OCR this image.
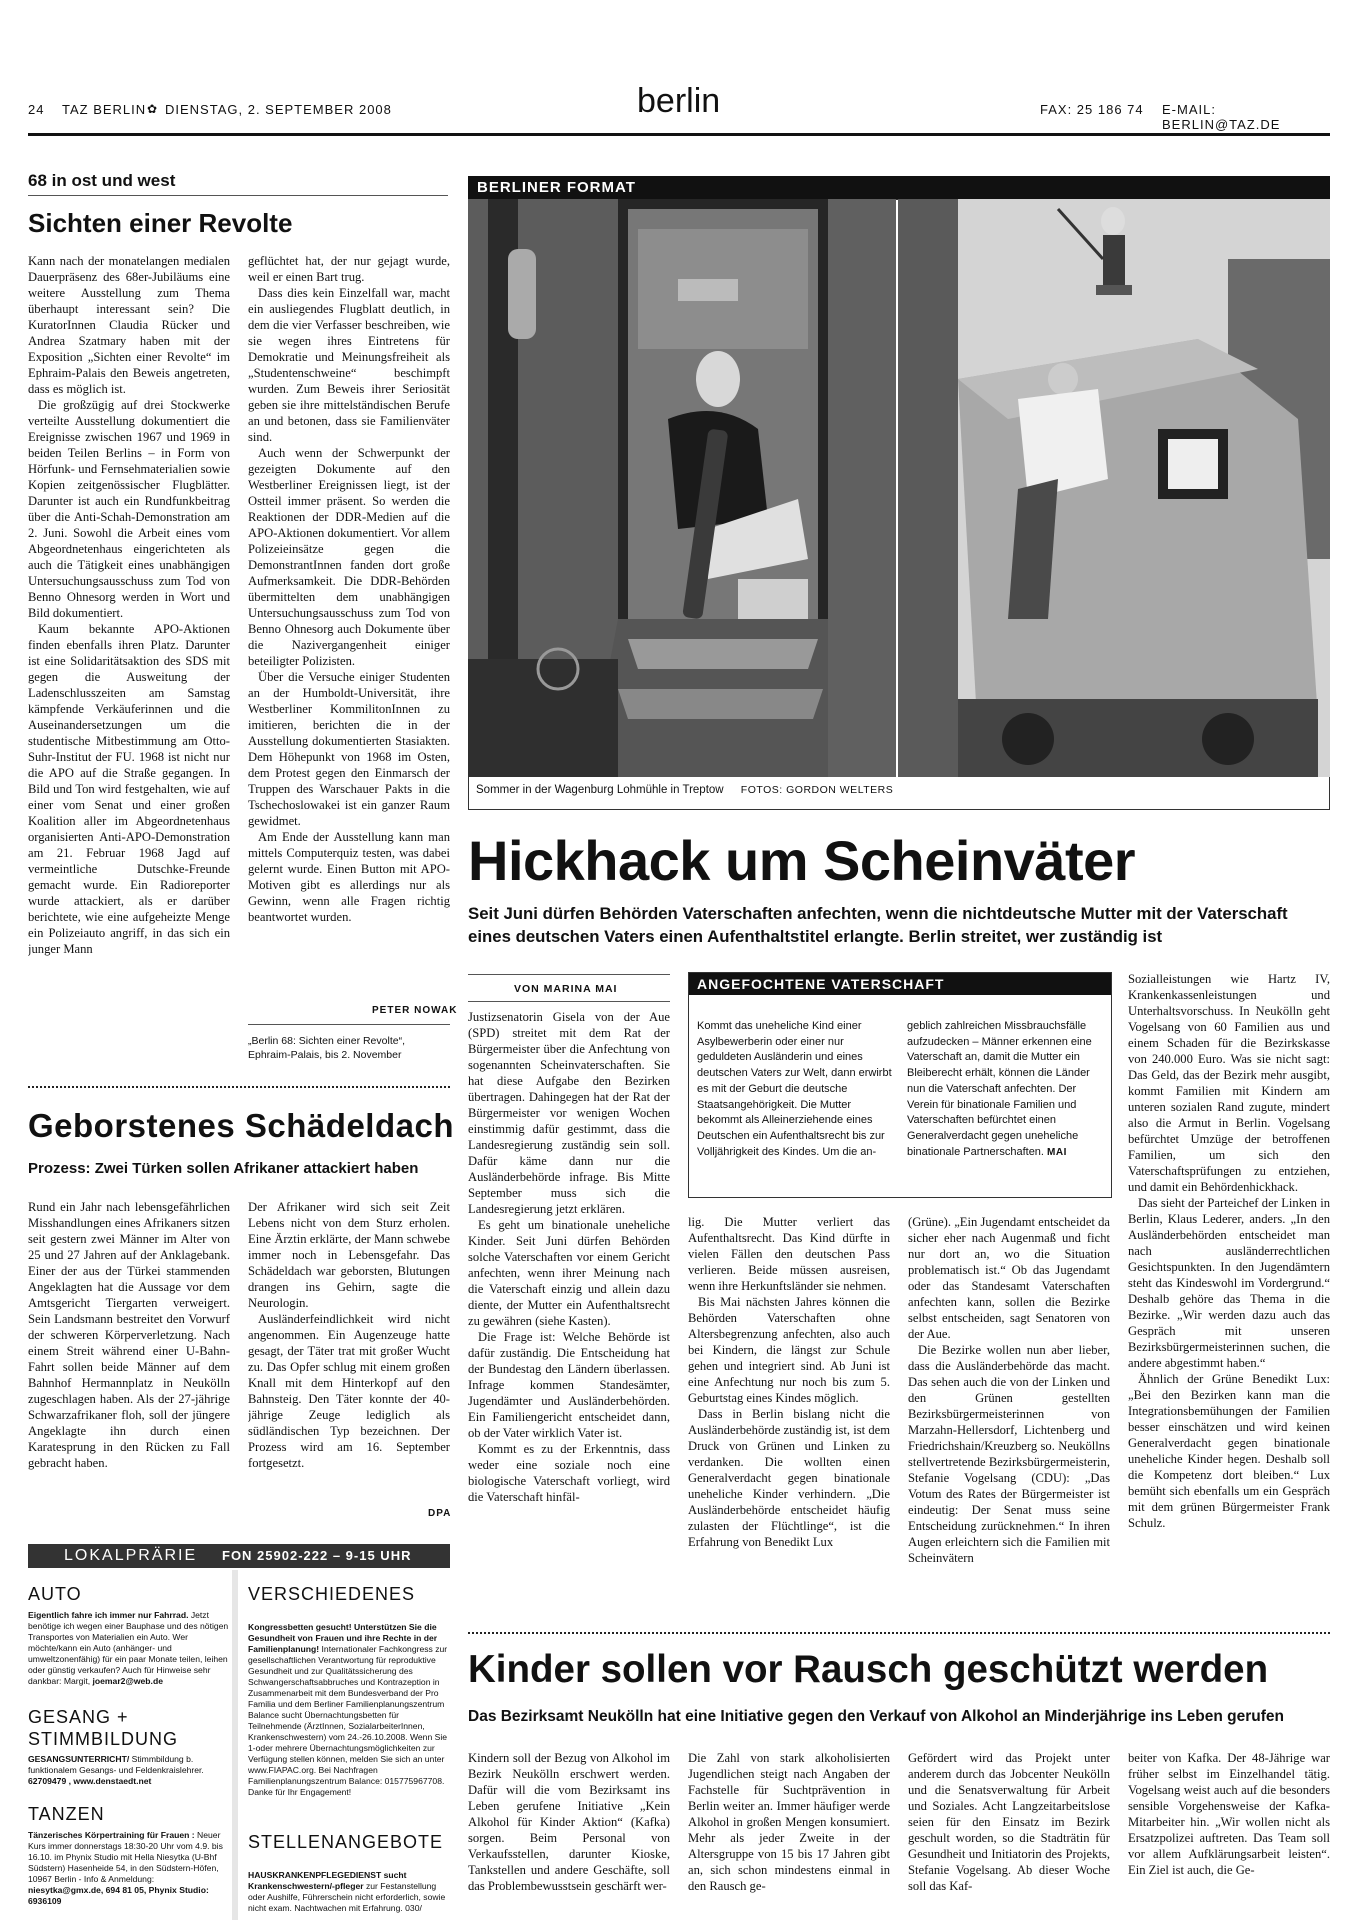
24 TAZ BERLIN ✿ DIENSTAG, 2. SEPTEMBER 2008	berlin	FAX: 25 186 74 E-MAIL: BERLIN@TAZ.DE
68 in ost und west
Sichten einer Revolte

Kann nach der monatelangen medialen Dauerpräsenz des 68er-Jubiläums eine weitere Ausstellung zum Thema überhaupt interessant sein? Die KuratorInnen Claudia Rücker und Andrea Szatmary haben mit der Exposition „Sichten einer Revolte“ im Ephraim-Palais den Beweis angetreten, dass es möglich ist.

Die großzügig auf drei Stockwerke verteilte Ausstellung dokumentiert die Ereignisse zwischen 1967 und 1969 in beiden Teilen Berlins – in Form von Hörfunk- und Fernsehmaterialien sowie Kopien zeitgenössischer Flugblätter. Darunter ist auch ein Rundfunkbeitrag über die Anti-Schah-Demonstration am 2. Juni. Sowohl die Arbeit eines vom Abgeordnetenhaus eingerichteten als auch die Tätigkeit eines unabhängigen Untersuchungsausschuss zum Tod von Benno Ohnesorg werden in Wort und Bild dokumentiert.

Kaum bekannte APO-Aktionen finden ebenfalls ihren Platz. Darunter ist eine Solidaritätsaktion des SDS mit gegen die Ausweitung der Ladenschlusszeiten am Samstag kämpfende Verkäuferinnen und die Auseinandersetzungen um die studentische Mitbestimmung am Otto-Suhr-Institut der FU. 1968 ist nicht nur die APO auf die Straße gegangen. In Bild und Ton wird festgehalten, wie auf einer vom Senat und einer großen Koalition aller im Abgeordnetenhaus organisierten Anti-APO-Demonstration am 21. Februar 1968 Jagd auf vermeintliche Dutschke-Freunde gemacht wurde. Ein Radioreporter wurde attackiert, als er darüber berichtete, wie eine aufgeheizte Menge ein Polizeiauto angriff, in das sich ein junger Mann

geflüchtet hat, der nur gejagt wurde, weil er einen Bart trug.

Dass dies kein Einzelfall war, macht ein ausliegendes Flugblatt deutlich, in dem die vier Verfasser beschreiben, wie sie wegen ihres Eintretens für Demokratie und Meinungsfreiheit als „Studentenschweine“ beschimpft wurden. Zum Beweis ihrer Seriosität geben sie ihre mittelständischen Berufe an und betonen, dass sie Familienväter sind.

Auch wenn der Schwerpunkt der gezeigten Dokumente auf den Westberliner Ereignissen liegt, ist der Ostteil immer präsent. So werden die Reaktionen der DDR-Medien auf die APO-Aktionen dokumentiert. Vor allem Polizeieinsätze gegen die DemonstrantInnen fanden dort große Aufmerksamkeit. Die DDR-Behörden übermittelten dem unabhängigen Untersuchungsausschuss zum Tod von Benno Ohnesorg auch Dokumente über die Nazivergangenheit einiger beteiligter Polizisten.

Über die Versuche einiger Studenten an der Humboldt-Universität, ihre Westberliner KommilitonInnen zu imitieren, berichten die in der Ausstellung dokumentierten Stasiakten. Dem Höhepunkt von 1968 im Osten, dem Protest gegen den Einmarsch der Truppen des Warschauer Pakts in die Tschechoslowakei ist ein ganzer Raum gewidmet.

Am Ende der Ausstellung kann man mittels Computerquiz testen, was dabei gelernt wurde. Einen Button mit APO-Motiven gibt es allerdings nur als Gewinn, wenn alle Fragen richtig beantwortet wurden.

PETER NOWAK
„Berlin 68: Sichten einer Revolte“, Ephraim-Palais, bis 2. November
Geborstenes Schädeldach
Prozess: Zwei Türken sollen Afrikaner attackiert haben

Rund ein Jahr nach lebensgefährlichen Misshandlungen eines Afrikaners sitzen seit gestern zwei Männer im Alter von 25 und 27 Jahren auf der Anklagebank. Einer der aus der Türkei stammenden Angeklagten hat die Aussage vor dem Amtsgericht Tiergarten verweigert. Sein Landsmann bestreitet den Vorwurf der schweren Körperverletzung. Nach einem Streit während einer U-Bahn-Fahrt sollen beide Männer auf dem Bahnhof Hermannplatz in Neukölln zugeschlagen haben. Als der 27-jährige Schwarzafrikaner floh, soll der jüngere Angeklagte ihn durch einen Karatesprung in den Rücken zu Fall gebracht haben.

Der Afrikaner wird sich seit Zeit Lebens nicht von dem Sturz erholen. Eine Ärztin erklärte, der Mann schwebe immer noch in Lebensgefahr. Das Schädeldach war geborsten, Blutungen drangen ins Gehirn, sagte die Neurologin.

Ausländerfeindlichkeit wird nicht angenommen. Ein Augenzeuge hatte gesagt, der Täter trat mit großer Wucht zu. Das Opfer schlug mit einem großen Knall mit dem Hinterkopf auf den Bahnsteig. Den Täter konnte der 40-jährige Zeuge lediglich als südländischen Typ bezeichnen. Der Prozess wird am 16. September fortgesetzt.

DPA
LOKALPRÄRIE FON 25902-222 – 9-15 UHR
AUTO

Eigentlich fahre ich immer nur Fahrrad. Jetzt benötige ich wegen einer Bauphase und des nötigen Transportes von Materialien ein Auto. Wer möchte/kann ein Auto (anhänger- und umweltzonenfähig) für ein paar Monate teilen, leihen oder günstig verkaufen? Auch für Hinweise sehr dankbar: Margit, joemar2@web.de

GESANG + STIMMBILDUNG

GESANGSUNTERRICHT/ Stimmbildung b. funktionalem Gesangs- und Feldenkraislehrer. 62709479 , www.denstaedt.net

TANZEN

Tänzerisches Körpertraining für Frauen : Neuer Kurs immer donnerstags 18:30-20 Uhr vom 4.9. bis 16.10. im Phynix Studio mit Hella Niesytka (U-Bhf Südstern) Hasenheide 54, in den Südstern-Höfen, 10967 Berlin - Info & Anmeldung: niesytka@gmx.de, 694 81 05, Phynix Studio: 6936109

VERSCHIEDENES

Kongressbetten gesucht! Unterstützen Sie die Gesundheit von Frauen und ihre Rechte in der Familienplanung! Internationaler Fachkongress zur gesellschaftlichen Verantwortung für reproduktive Gesundheit und zur Qualitätssicherung des Schwangerschaftsabbruches und Kontrazeption in Zusammenarbeit mit dem Bundesverband der Pro Familia und dem Berliner Familienplanungszentrum Balance sucht Übernachtungsbetten für Teilnehmende (ÄrztInnen, SozialarbeiterInnen, Krankenschwestern) vom 24.-26.10.2008. Wenn Sie 1-oder mehrere Übernachtungsmöglichkeiten zur Verfügung stellen können, melden Sie sich an unter www.FIAPAC.org. Bei Nachfragen Familienplanungszentrum Balance: 015775967708. Danke für Ihr Engagement!

STELLENANGEBOTE

HAUSKRANKENPFLEGEDIENST sucht Krankenschwestern/-pfleger zur Festanstellung oder Aushilfe, Führerschein nicht erforderlich, sowie nicht exam. Nachtwachen mit Erfahrung. 030/

BERLINER FORMAT
Sommer in der Wagenburg Lohmühle in Treptow FOTOS: GORDON WELTERS
Hickhack um Scheinväter
Seit Juni dürfen Behörden Vaterschaften anfechten, wenn die nichtdeutsche Mutter mit der Vaterschaft eines deutschen Vaters einen Aufenthaltstitel erlangte. Berlin streitet, wer zuständig ist
VON MARINA MAI

Justizsenatorin Gisela von der Aue (SPD) streitet mit dem Rat der Bürgermeister über die Anfechtung von sogenannten Scheinvaterschaften. Sie hat diese Aufgabe den Bezirken übertragen. Dahingegen hat der Rat der Bürgermeister vor wenigen Wochen einstimmig dafür gestimmt, dass die Landesregierung zuständig sein soll. Dafür käme dann nur die Ausländerbehörde infrage. Bis Mitte September muss sich die Landesregierung jetzt erklären.

Es geht um binationale uneheliche Kinder. Seit Juni dürfen Behörden solche Vaterschaften vor einem Gericht anfechten, wenn ihrer Meinung nach die Vaterschaft einzig und allein dazu diente, der Mutter ein Aufenthaltsrecht zu gewähren (siehe Kasten).

Die Frage ist: Welche Behörde ist dafür zuständig. Die Entscheidung hat der Bundestag den Ländern überlassen. Infrage kommen Standesämter, Jugendämter und Ausländerbehörden. Ein Familiengericht entscheidet dann, ob der Vater wirklich Vater ist.

Kommt es zu der Erkenntnis, dass weder eine soziale noch eine biologische Vaterschaft vorliegt, wird die Vaterschaft hinfäl-

ANGEFOCHTENE VATERSCHAFT
Kommt das uneheliche Kind einer Asylbewerberin oder einer nur geduldeten Ausländerin und eines deutschen Vaters zur Welt, dann erwirbt es mit der Geburt die deutsche Staatsangehörigkeit. Die Mutter bekommt als Alleinerziehende eines Deutschen ein Aufenthaltsrecht bis zur Volljährigkeit des Kindes. Um die an-
geblich zahlreichen Missbrauchsfälle aufzudecken – Männer erkennen eine Vaterschaft an, damit die Mutter ein Bleiberecht erhält, können die Länder nun die Vaterschaft anfechten. Der Verein für binationale Familien und Vaterschaften befürchtet einen Generalverdacht gegen uneheliche binationale Partnerschaften. MAI

lig. Die Mutter verliert das Aufenthaltsrecht. Das Kind dürfte in vielen Fällen den deutschen Pass verlieren. Beide müssen ausreisen, wenn ihre Herkunftsländer sie nehmen.

Bis Mai nächsten Jahres können die Behörden Vaterschaften ohne Altersbegrenzung anfechten, also auch bei Kindern, die längst zur Schule gehen und integriert sind. Ab Juni ist eine Anfechtung nur noch bis zum 5. Geburtstag eines Kindes möglich.

Dass in Berlin bislang nicht die Ausländerbehörde zuständig ist, ist dem Druck von Grünen und Linken zu verdanken. Die wollten einen Generalverdacht gegen binationale uneheliche Kinder verhindern. „Die Ausländerbehörde entscheidet häufig zulasten der Flüchtlinge“, ist die Erfahrung von Benedikt Lux

(Grüne). „Ein Jugendamt entscheidet da sicher eher nach Augenmaß und ficht nur dort an, wo die Situation problematisch ist.“ Ob das Jugendamt oder das Standesamt Vaterschaften anfechten kann, sollen die Bezirke selbst entscheiden, sagt Senatoren von der Aue.

Die Bezirke wollen nun aber lieber, dass die Ausländerbehörde das macht. Das sehen auch die von der Linken und den Grünen gestellten Bezirksbürgermeisterinnen von Marzahn-Hellersdorf, Lichtenberg und Friedrichshain/Kreuzberg so. Neuköllns stellvertretende Bezirksbürgermeisterin, Stefanie Vogelsang (CDU): „Das Votum des Rates der Bürgermeister ist eindeutig: Der Senat muss seine Entscheidung zurücknehmen.“ In ihren Augen erleichtern sich die Familien mit Scheinvätern

Sozialleistungen wie Hartz IV, Krankenkassenleistungen und Unterhaltsvorschuss. In Neukölln geht Vogelsang von 60 Familien aus und einem Schaden für die Bezirkskasse von 240.000 Euro. Was sie nicht sagt: Das Geld, das der Bezirk mehr ausgibt, kommt Familien mit Kindern am unteren sozialen Rand zugute, mindert also die Armut in Berlin. Vogelsang befürchtet Umzüge der betroffenen Familien, um sich den Vaterschaftsprüfungen zu entziehen, und damit ein Behördenhickhack.

Das sieht der Parteichef der Linken in Berlin, Klaus Lederer, anders. „In den Ausländerbehörden entscheidet man nach ausländerrechtlichen Gesichtspunkten. In den Jugendämtern steht das Kindeswohl im Vordergrund.“ Deshalb gehöre das Thema in die Bezirke. „Wir werden dazu auch das Gespräch mit unseren Bezirksbürgermeisterinnen suchen, die andere abgestimmt haben.“

Ähnlich der Grüne Benedikt Lux: „Bei den Bezirken kann man die Integrationsbemühungen der Familien besser einschätzen und wird keinen Generalverdacht gegen binationale uneheliche Kinder hegen. Deshalb soll die Kompetenz dort bleiben.“ Lux bemüht sich ebenfalls um ein Gespräch mit dem grünen Bürgermeister Frank Schulz.

Kinder sollen vor Rausch geschützt werden
Das Bezirksamt Neukölln hat eine Initiative gegen den Verkauf von Alkohol an Minderjährige ins Leben gerufen

Kindern soll der Bezug von Alkohol im Bezirk Neukölln erschwert werden. Dafür will die vom Bezirksamt ins Leben gerufene Initiative „Kein Alkohol für Kinder Aktion“ (Kafka) sorgen. Beim Personal von Verkaufsstellen, darunter Kioske, Tankstellen und andere Geschäfte, soll das Problembewusstsein geschärft wer-

Die Zahl von stark alkoholisierten Jugendlichen steigt nach Angaben der Fachstelle für Suchtprävention in Berlin weiter an. Immer häufiger werde Alkohol in großen Mengen konsumiert. Mehr als jeder Zweite in der Altersgruppe von 15 bis 17 Jahren gibt an, sich schon mindestens einmal in den Rausch ge-

Gefördert wird das Projekt unter anderem durch das Jobcenter Neukölln und die Senatsverwaltung für Arbeit und Soziales. Acht Langzeitarbeitslose seien für den Einsatz im Bezirk geschult worden, so die Stadträtin für Gesundheit und Initiatorin des Projekts, Stefanie Vogelsang. Ab dieser Woche soll das Kaf-

beiter von Kafka. Der 48-Jährige war früher selbst im Einzelhandel tätig. Vogelsang weist auch auf die besonders sensible Vorgehensweise der Kafka-Mitarbeiter hin. „Wir wollen nicht als Ersatzpolizei auftreten. Das Team soll vor allem Aufklärungsarbeit leisten“. Ein Ziel ist auch, die Ge-
